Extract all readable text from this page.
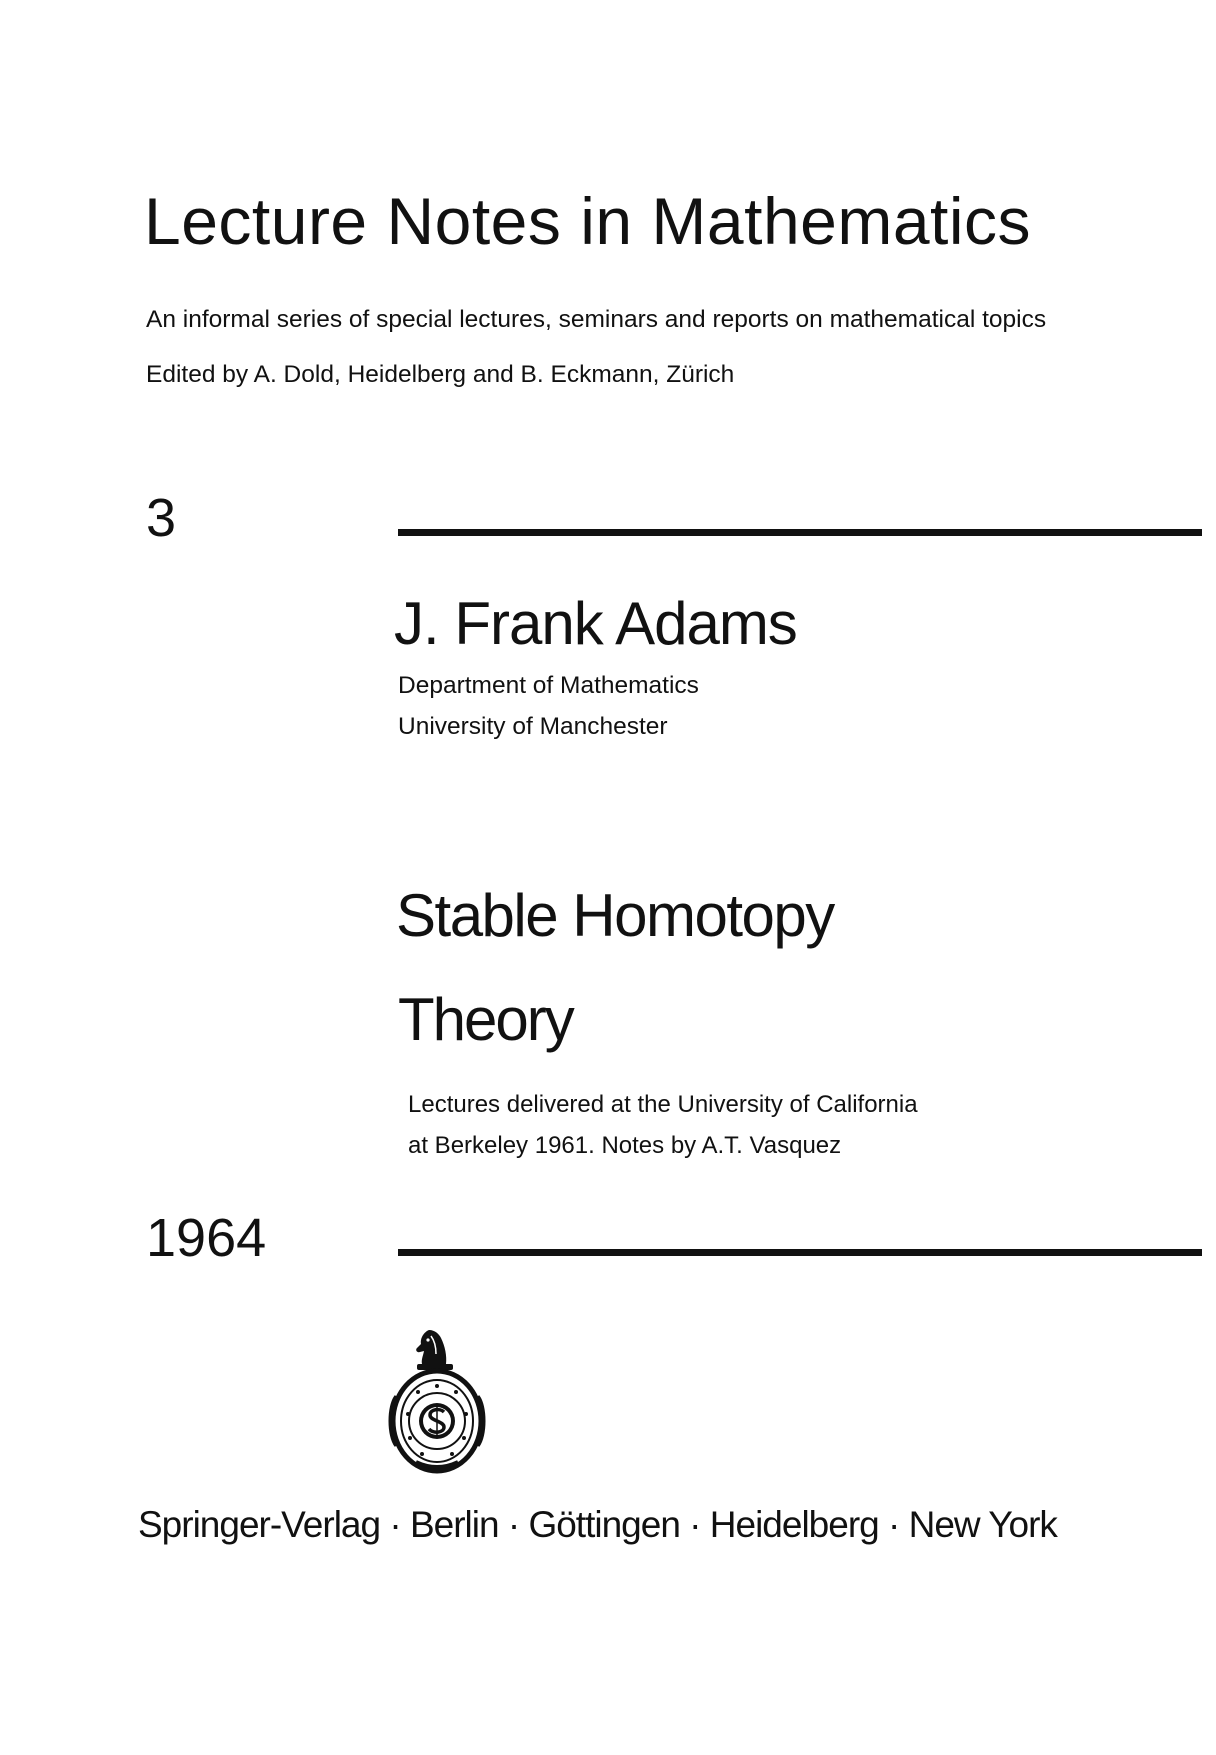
Lecture Notes in Mathematics
An informal series of special lectures, seminars and reports on mathematical topics
Edited by A. Dold, Heidelberg and B. Eckmann, Zürich
3
J. Frank Adams
Department of Mathematics
University of Manchester
Stable Homotopy
Theory
Lectures delivered at the University of California
at Berkeley 1961. Notes by A.T. Vasquez
1964
Springer-Verlag · Berlin · Göttingen · Heidelberg · New York
